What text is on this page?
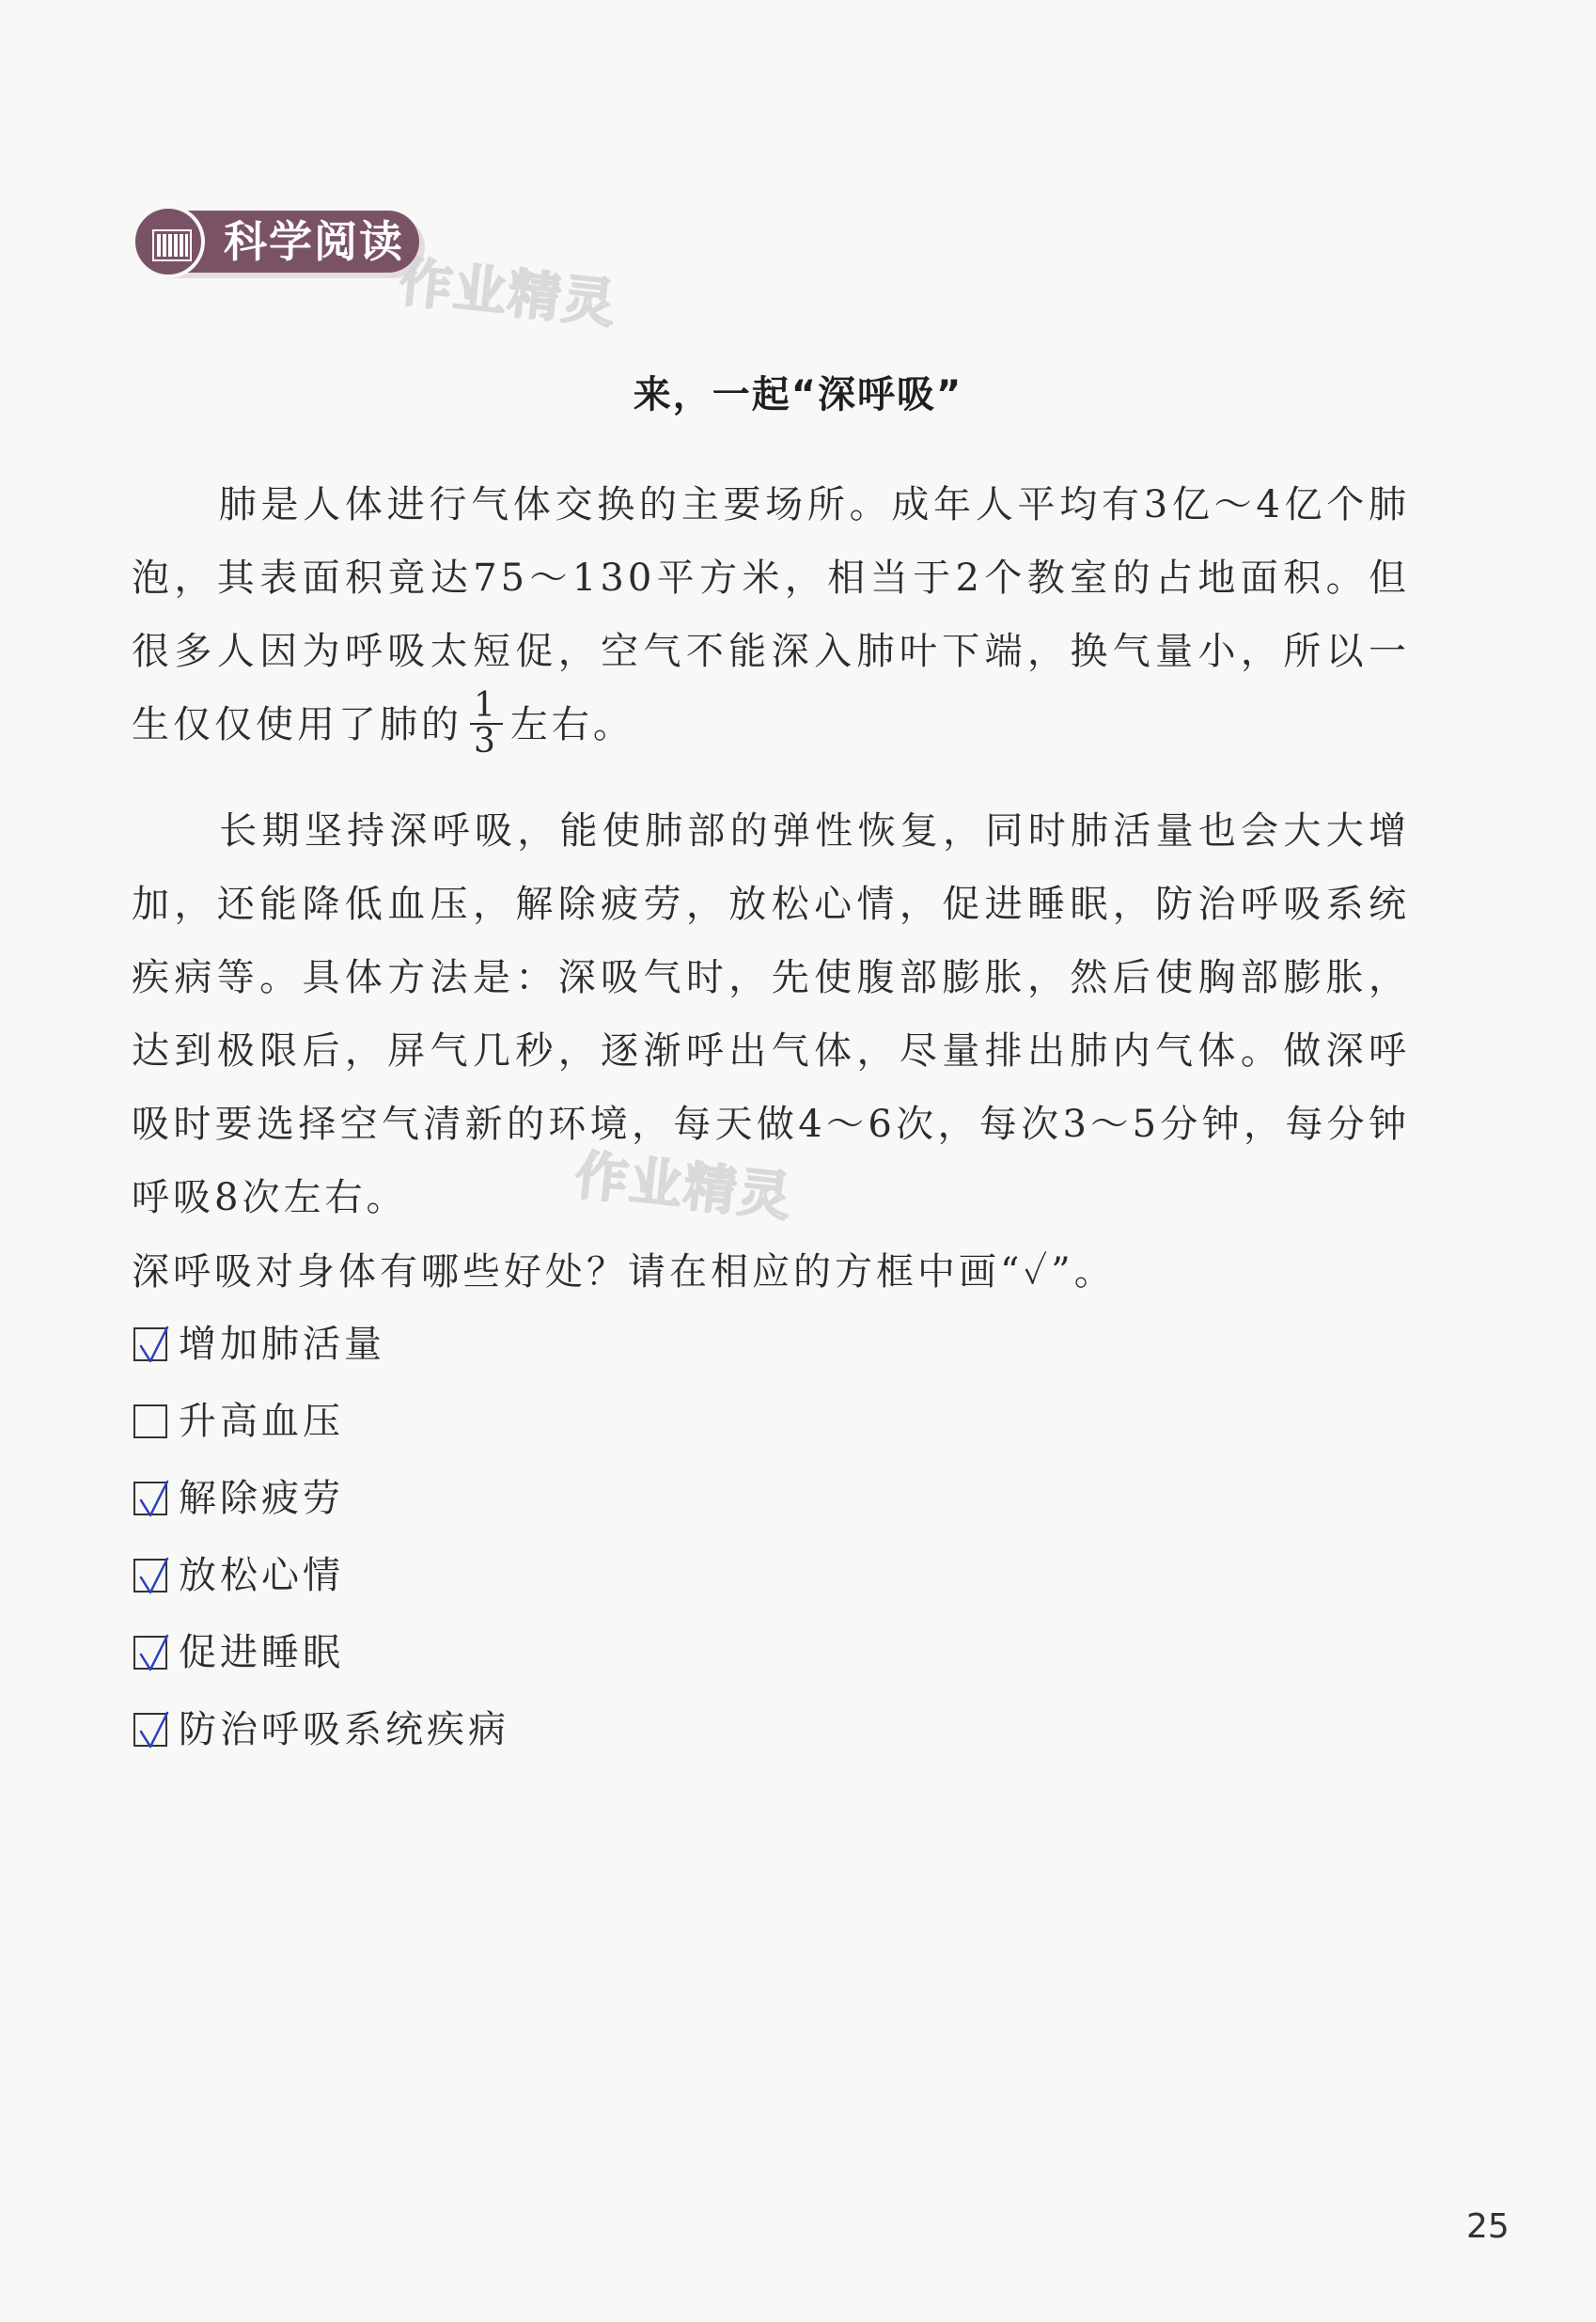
科学阅读
作业精灵
作业精灵
来，一起“深呼吸”
肺是人体进行气体交换的主要场所。成年人平均有3亿～4亿个肺泡，其表面积竟达75～130平方米，相当于2个教室的占地面积。但很多人因为呼吸太短促，空气不能深入肺叶下端，换气量小，所以一生仅仅使用了肺的 $\frac{1}{3}$ 左右。
长期坚持深呼吸，能使肺部的弹性恢复，同时肺活量也会大大增加，还能降低血压，解除疲劳，放松心情，促进睡眠，防治呼吸系统疾病等。具体方法是：深吸气时，先使腹部膨胀，然后使胸部膨胀，达到极限后，屏气几秒，逐渐呼出气体，尽量排出肺内气体。做深呼吸时要选择空气清新的环境，每天做4～6次，每次3～5分钟，每分钟呼吸8次左右。
深呼吸对身体有哪些好处？请在相应的方框中画“✓”。
增加肺活量
升高血压
解除疲劳
放松心情
促进睡眠
防治呼吸系统疾病
25
